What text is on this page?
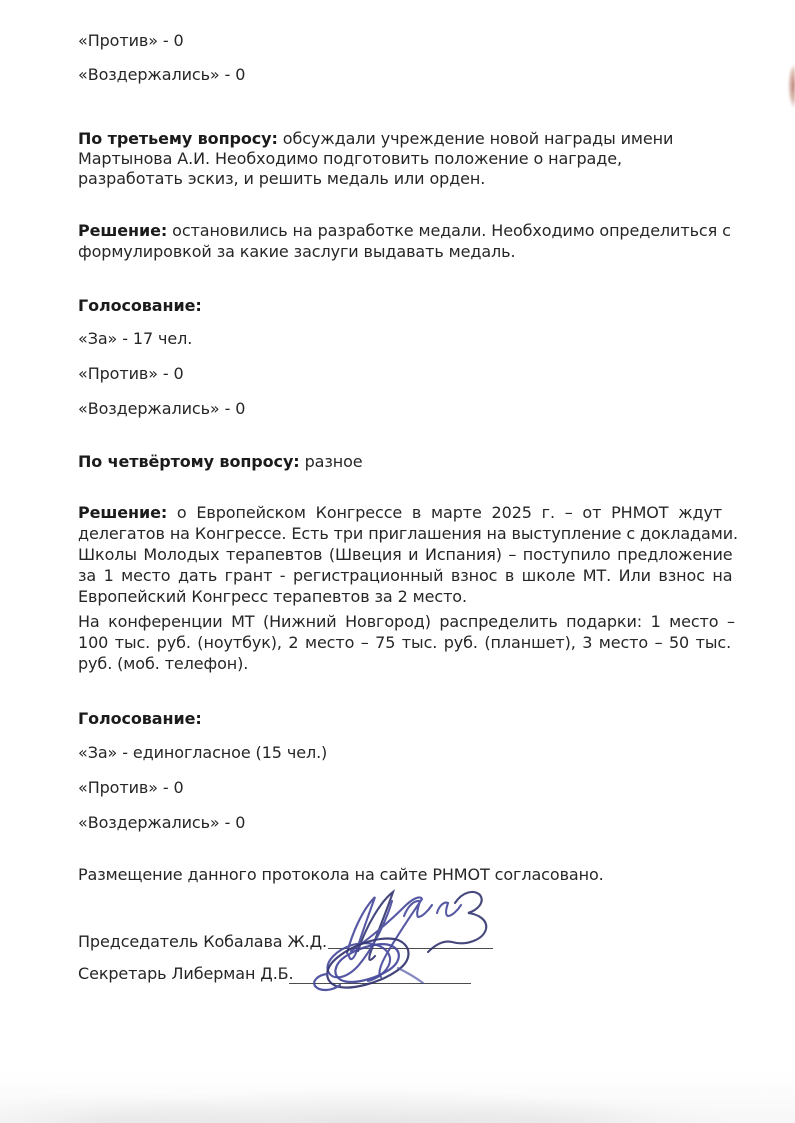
«Против» - 0
«Воздержались» - 0
По третьему вопросу: обсуждали учреждение новой награды имени
Мартынова А.И. Необходимо подготовить положение о награде,
разработать эскиз, и решить медаль или орден.
Решение: остановились на разработке медали. Необходимо определиться с
формулировкой за какие заслуги выдавать медаль.
Голосование:
«За» - 17 чел.
«Против» - 0
«Воздержались» - 0
По четвёртому вопросу: разное
Решение: о Европейском Конгрессе в марте 2025 г. – от РНМОТ ждут
делегатов на Конгрессе. Есть три приглашения на выступление с докладами.
Школы Молодых терапевтов (Швеция и Испания) – поступило предложение
за 1 место дать грант - регистрационный взнос в школе МТ. Или взнос на
Европейский Конгресс терапевтов за 2 место.
На конференции МТ (Нижний Новгород) распределить подарки: 1 место –
100 тыс. руб. (ноутбук), 2 место – 75 тыс. руб. (планшет), 3 место – 50 тыс.
руб. (моб. телефон).
Голосование:
«За» - единогласное (15 чел.)
«Против» - 0
«Воздержались» - 0
Размещение данного протокола на сайте РНМОТ согласовано.
Председатель Кобалава Ж.Д.
Секретарь Либерман Д.Б.
